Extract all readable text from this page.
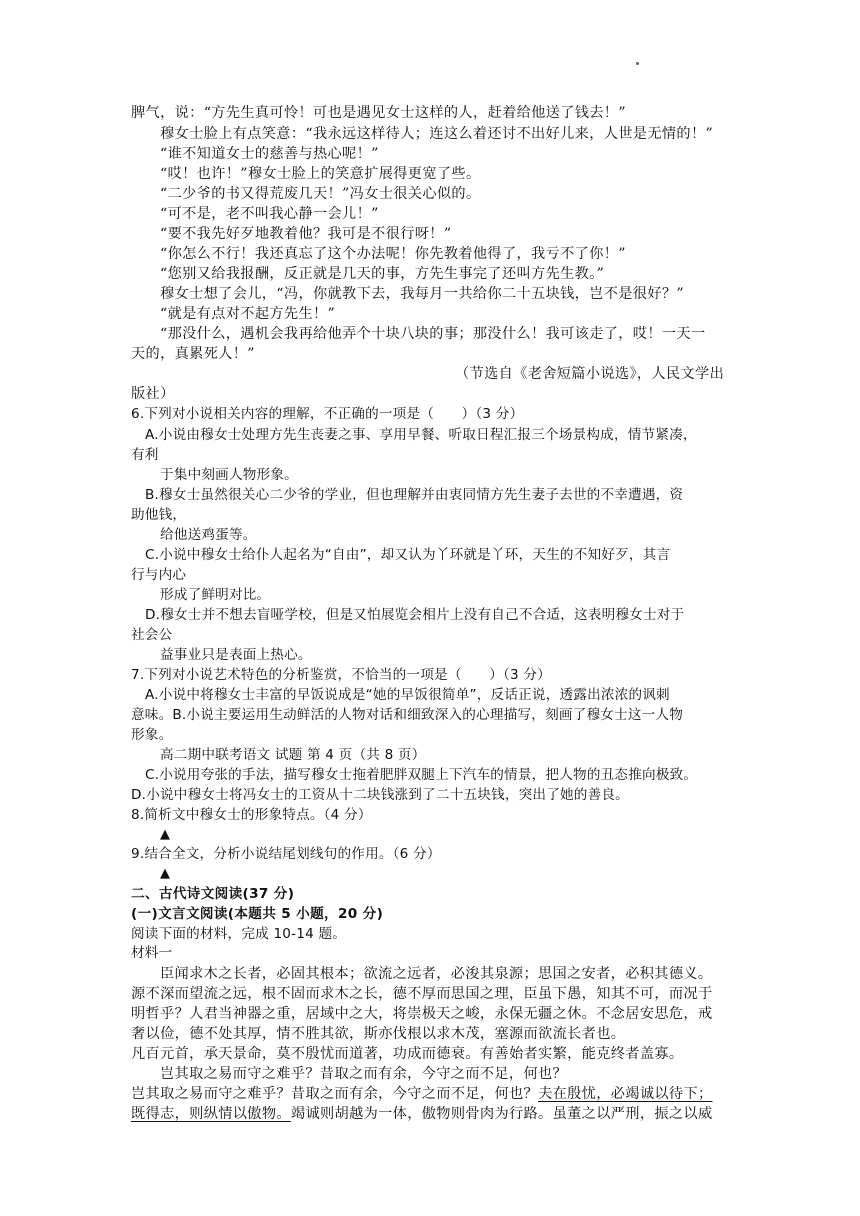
脾气，说：“方先生真可怜！可也是遇见女士这样的人，赶着给他送了钱去！”
穆女士脸上有点笑意：“我永远这样待人；连这么着还讨不出好儿来，人世是无情的！”
“谁不知道女士的慈善与热心呢！”
“哎！也许！”穆女士脸上的笑意扩展得更宽了些。
“二少爷的书又得荒废几天！”冯女士很关心似的。
“可不是，老不叫我心静一会儿！”
“要不我先好歹地教着他？我可是不很行呀！”
“你怎么不行！我还真忘了这个办法呢！你先教着他得了，我亏不了你！”
“您别又给我报酬，反正就是几天的事，方先生事完了还叫方先生教。”
穆女士想了会儿，“冯，你就教下去，我每月一共给你二十五块钱，岂不是很好？”
“就是有点对不起方先生！”
“那没什么，遇机会我再给他弄个十块八块的事；那没什么！我可该走了，哎！一天一
天的，真累死人！”
（节选自《老舍短篇小说选》，人民文学出
版社）
6.下列对小说相关内容的理解，不正确的一项是（　　）（3 分）
A.小说由穆女士处理方先生丧妻之事、享用早餐、听取日程汇报三个场景构成，情节紧凑，
有利
于集中刻画人物形象。
B.穆女士虽然很关心二少爷的学业，但也理解并由衷同情方先生妻子去世的不幸遭遇，资
助他钱，
给他送鸡蛋等。
C.小说中穆女士给仆人起名为“自由”，却又认为丫环就是丫环，天生的不知好歹，其言
行与内心
形成了鲜明对比。
D.穆女士并不想去盲哑学校，但是又怕展览会相片上没有自己不合适，这表明穆女士对于
社会公
益事业只是表面上热心。
7.下列对小说艺术特色的分析鉴赏，不恰当的一项是（　　）（3 分）
A.小说中将穆女士丰富的早饭说成是“她的早饭很简单”，反话正说，透露出浓浓的讽刺
意味。B.小说主要运用生动鲜活的人物对话和细致深入的心理描写，刻画了穆女士这一人物
形象。
高二期中联考语文 试题 第 4 页（共 8 页）
C.小说用夸张的手法，描写穆女士拖着肥胖双腿上下汽车的情景，把人物的丑态推向极致。
D.小说中穆女士将冯女士的工资从十二块钱涨到了二十五块钱，突出了她的善良。
8.简析文中穆女士的形象特点。（4 分）
▲
9.结合全文，分析小说结尾划线句的作用。（6 分）
▲
二、古代诗文阅读(37 分)
(一)文言文阅读(本题共 5 小题，20 分)
阅读下面的材料，完成 10-14 题。
材料一
臣闻求木之长者，必固其根本；欲流之远者，必浚其泉源；思国之安者，必积其德义。
源不深而望流之远，根不固而求木之长，德不厚而思国之理，臣虽下愚，知其不可，而况于
明哲乎？人君当神器之重，居域中之大，将崇极天之峻，永保无疆之休。不念居安思危，戒
奢以俭，德不处其厚，情不胜其欲，斯亦伐根以求木茂，塞源而欲流长者也。
凡百元首，承天景命，莫不殷忧而道著，功成而德衰。有善始者实繁，能克终者盖寡。
岂其取之易而守之难乎？昔取之而有余，今守之而不足，何也？
岂其取之易而守之难乎？昔取之而有余，今守之而不足，何也？夫在殷忧，必竭诚以待下；
既得志，则纵情以傲物。竭诚则胡越为一体，傲物则骨肉为行路。虽董之以严刑，振之以威
